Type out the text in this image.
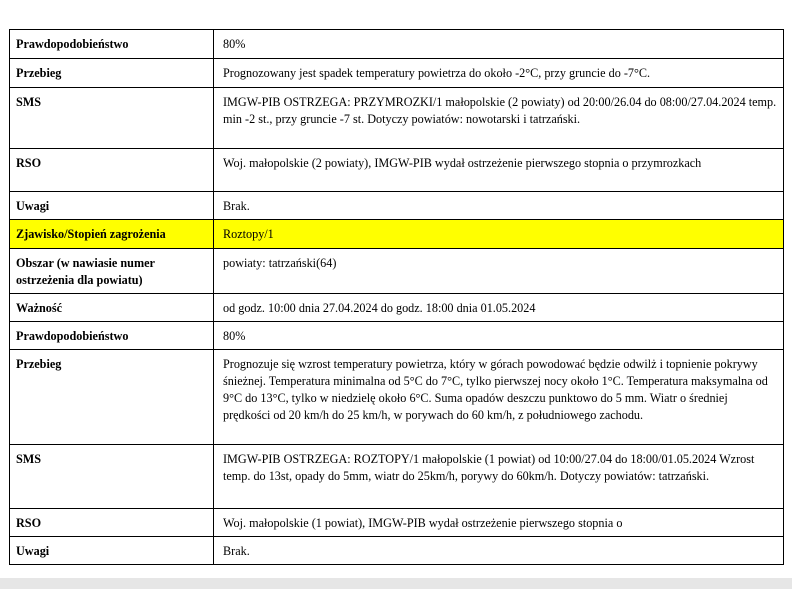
Prawdopodobieństwo	80%
Przebieg	Prognozowany jest spadek temperatury powietrza do około -2°C, przy gruncie do -7°C.
SMS	IMGW-PIB OSTRZEGA: PRZYMROZKI/1 małopolskie (2 powiaty) od 20:00/26.04 do 08:00/27.04.2024 temp. min -2 st., przy gruncie -7 st. Dotyczy powiatów: nowotarski i tatrzański.
RSO	Woj. małopolskie (2 powiaty), IMGW-PIB wydał ostrzeżenie pierwszego stopnia o przymrozkach
Uwagi	Brak.
Zjawisko/Stopień zagrożenia	Roztopy/1
Obszar (w nawiasie numer ostrzeżenia dla powiatu)	powiaty: tatrzański(64)
Ważność	od godz. 10:00 dnia 27.04.2024 do godz. 18:00 dnia 01.05.2024
Prawdopodobieństwo	80%
Przebieg	Prognozuje się wzrost temperatury powietrza, który w górach powodować będzie odwilż i topnienie pokrywy śnieżnej. Temperatura minimalna od 5°C do 7°C, tylko pierwszej nocy około 1°C. Temperatura maksymalna od 9°C do 13°C, tylko w niedzielę około 6°C. Suma opadów deszczu punktowo do 5 mm. Wiatr o średniej prędkości od 20 km/h do 25 km/h, w porywach do 60 km/h, z południowego zachodu.
SMS	IMGW-PIB OSTRZEGA: ROZTOPY/1 małopolskie (1 powiat) od 10:00/27.04 do 18:00/01.05.2024 Wzrost temp. do 13st, opady do 5mm, wiatr do 25km/h, porywy do 60km/h. Dotyczy powiatów: tatrzański.
RSO	Woj. małopolskie (1 powiat), IMGW-PIB wydał ostrzeżenie pierwszego stopnia o
Uwagi	Brak.
